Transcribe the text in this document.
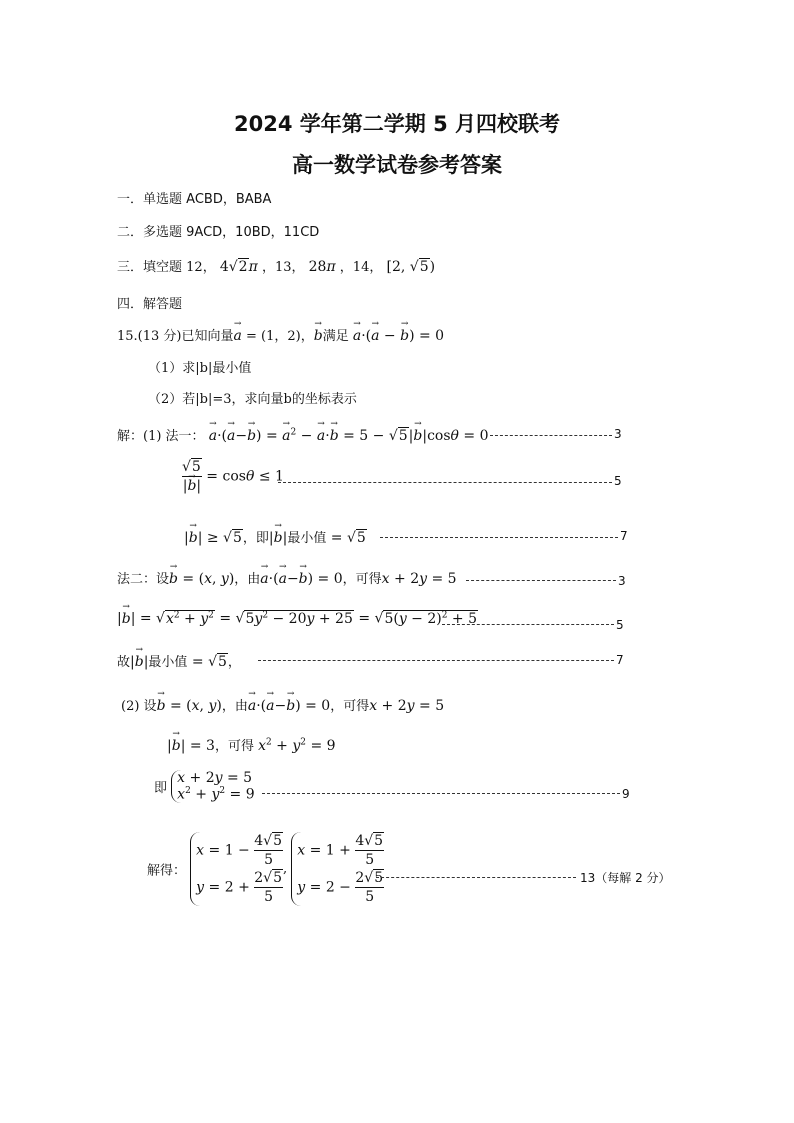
2024 学年第二学期 5 月四校联考
高一数学试卷参考答案
一．单选题 ACBD，BABA
二．多选题 9ACD，10BD，11CD
三．填空题 12， 4√2π ，13， 28π ，14， [2, √5)
四．解答题
15.(13 分)已知向量→ a = (1，2)，→ b满足 → a·(→ a − → b) = 0
（1）求|b|最小值
（2）若|b|=3，求向量b的坐标表示
解：(1) 法一： → a·(→ a−→ b) = → $a^2$ − → a·→ b = 5 − √5|→ b|cosθ = 0	3
$\frac{√5}{|\to b|} = \cos\theta \le 1$	5
|→ b| ≥ √5，即|→ b|最小值 = √5	7
法二：设→ b = (x, y)，由→ a·(→ a−→ b) = 0，可得x + 2y = 5	3
|→ $b| = √x^2 + y^2 = √5y^2 - 20y + 25 = √5(y - 2)^2 + 5$	5
故|→ b|最小值 = √5，	7
(2) 设→ b = (x, y)，由→ a·(→ a−→ b) = 0，可得x + 2y = 5
|→ b| = 3，可得 $x^2 + y^2 = 9$
即
x + 2y = 5
$x^2 + y^2 = 9$	9
解得：
$x = 1 - \frac{4√5}{5}$
$y = 2 + \frac{2√5}{5}$ ,
$x = 1 + \frac{4√5}{5}$
$y = 2 - \frac{2√5}{5}$	13（每解 2 分）
